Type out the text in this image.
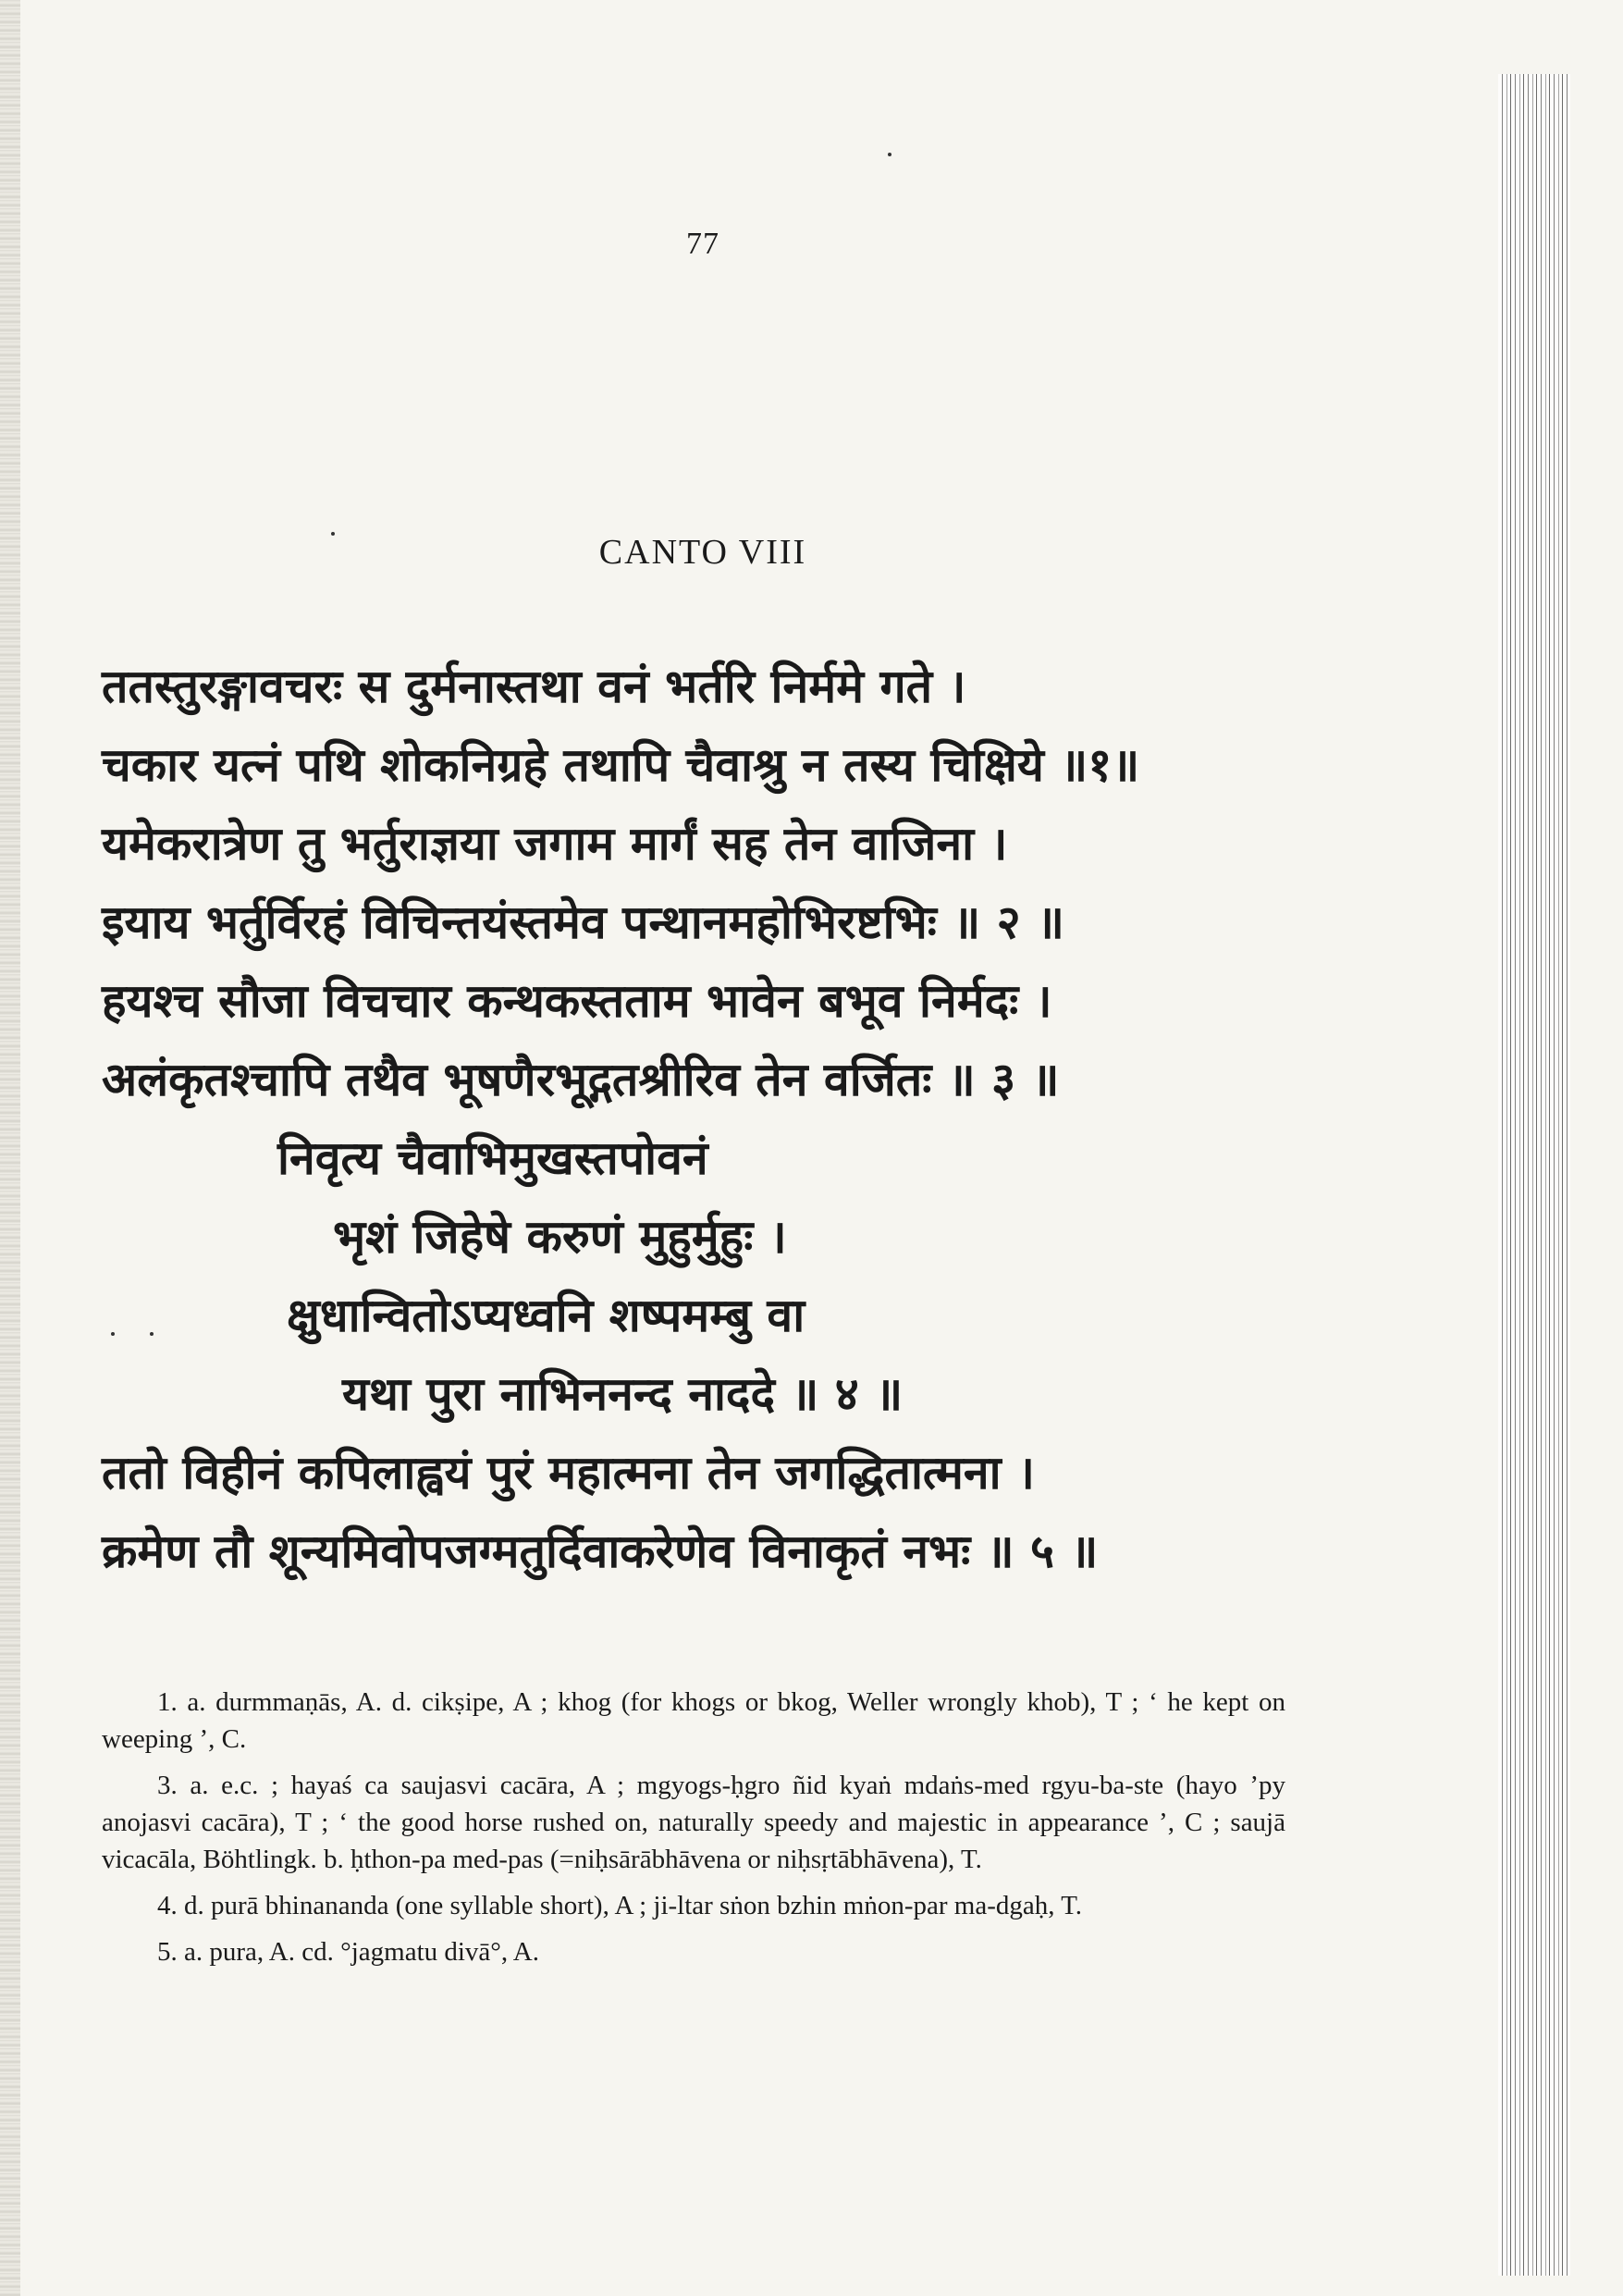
77
CANTO VIII
ततस्तुरङ्गावचरः स दुर्मनास्तथा वनं भर्तरि निर्ममे गते ।
चकार यत्नं पथि शोकनिग्रहे तथापि चैवाश्रु न तस्य चिक्षिये ॥१॥
यमेकरात्रेण तु भर्तुराज्ञया जगाम मार्गं सह तेन वाजिना ।
इयाय भर्तुर्विरहं विचिन्तयंस्तमेव पन्थानमहोभिरष्टभिः ॥ २ ॥
हयश्च सौजा विचचार कन्थकस्तताम भावेन बभूव निर्मदः ।
अलंकृतश्चापि तथैव भूषणैरभूद्गतश्रीरिव तेन वर्जितः ॥ ३ ॥
निवृत्य चैवाभिमुखस्तपोवनं
भृशं जिहेषे करुणं मुहुर्मुहुः ।
क्षुधान्वितोऽप्यध्वनि शष्पमम्बु वा
यथा पुरा नाभिननन्द नाददे ॥ ४ ॥
ततो विहीनं कपिलाह्वयं पुरं महात्मना तेन जगद्धितात्मना ।
क्रमेण तौ शून्यमिवोपजग्मतुर्दिवाकरेणेव विनाकृतं नभः ॥ ५ ॥

1. a. durmmaṇās, A. d. cikṣipe, A ; khog (for khogs or bkog, Weller wrongly khob), T ; ‘ he kept on weeping ’, C.

3. a. e.c. ; hayaś ca saujasvi cacāra, A ; mgyogs-ḥgro ñid kyaṅ mdaṅs-med rgyu-ba-ste (hayo ’py anojasvi cacāra), T ; ‘ the good horse rushed on, naturally speedy and majestic in appearance ’, C ; saujā vicacāla, Böhtlingk. b. ḥthon-pa med-pas (=niḥsārābhāvena or niḥsṛtābhāvena), T.

4. d. purā bhinananda (one syllable short), A ; ji-ltar sṅon bzhin mṅon-par ma-dgaḥ, T.

5. a. pura, A. cd. °jagmatu divā°, A.
